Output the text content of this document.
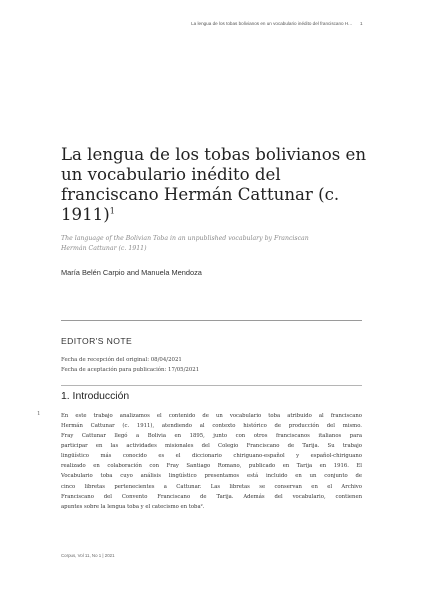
La lengua de los tobas bolivianos en un vocabulario inédito del franciscano H... 1
La lengua de los tobas bolivianos en
un vocabulario inédito del
franciscano Hermán Cattunar (c.
1911)$^1$
The language of the Bolivian Toba in an unpublished vocabulary by Franciscan
Hermán Cattunar (c. 1911)
María Belén Carpio and Manuela Mendoza
EDITOR'S NOTE
Fecha de recepción del original: 08/04/2021
Fecha de aceptación para publicación: 17/05/2021
1. Introducción
1	En este trabajo analizamos el contenido de un vocabulario toba atribuido al franciscano
Hermán Cattunar (c. 1911), atendiendo al contexto histórico de producción del mismo.
Fray Cattunar llegó a Bolivia en 1895, junto con otros franciscanos italianos para
participar en las actividades misionales del Colegio Franciscano de Tarija. Su trabajo
lingüístico más conocido es el diccionario chiriguano-español y español-chiriguano
realizado en colaboración con Fray Santiago Romano, publicado en Tarija en 1916. El
Vocabulario toba cuyo análisis lingüístico presentamos está incluido en un conjunto de
cinco libretas pertenecientes a Cattunar. Las libretas se conservan en el Archivo
Franciscano del Convento Franciscano de Tarija. Además del vocabulario, contienen
apuntes sobre la lengua toba y el catecismo en toba².
Corpus, Vol 11, No 1 | 2021
